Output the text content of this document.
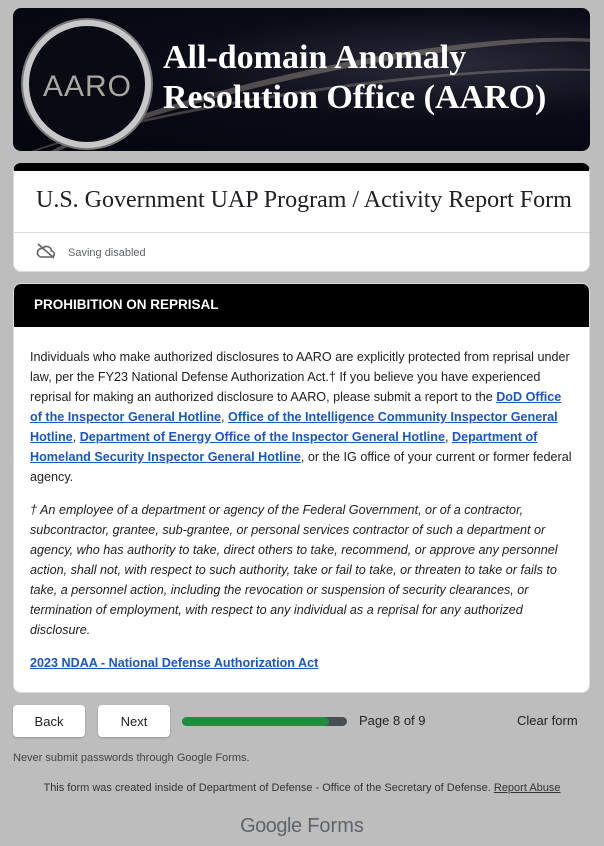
AARO
All-domain Anomaly
Resolution Office (AARO)
U.S. Government UAP Program / Activity Report Form
Saving disabled
PROHIBITION ON REPRISAL

Individuals who make authorized disclosures to AARO are explicitly protected from reprisal under law, per the FY23 National Defense Authorization Act.† If you believe you have experienced reprisal for making an authorized disclosure to AARO, please submit a report to the DoD Office of the Inspector General Hotline, Office of the Intelligence Community Inspector General Hotline, Department of Energy Office of the Inspector General Hotline, Department of Homeland Security Inspector General Hotline, or the IG office of your current or former federal agency.

† An employee of a department or agency of the Federal Government, or of a contractor, subcontractor, grantee, sub-grantee, or personal services contractor of such a department or agency, who has authority to take, direct others to take, recommend, or approve any personnel action, shall not, with respect to such authority, take or fail to take, or threaten to take or fails to take, a personnel action, including the revocation or suspension of security clearances, or termination of employment, with respect to any individual as a reprisal for any authorized disclosure.

2023 NDAA - National Defense Authorization Act

Back	Next	Page 8 of 9	Clear form
Never submit passwords through Google Forms.
This form was created inside of Department of Defense - Office of the Secretary of Defense. Report Abuse
Google Forms
